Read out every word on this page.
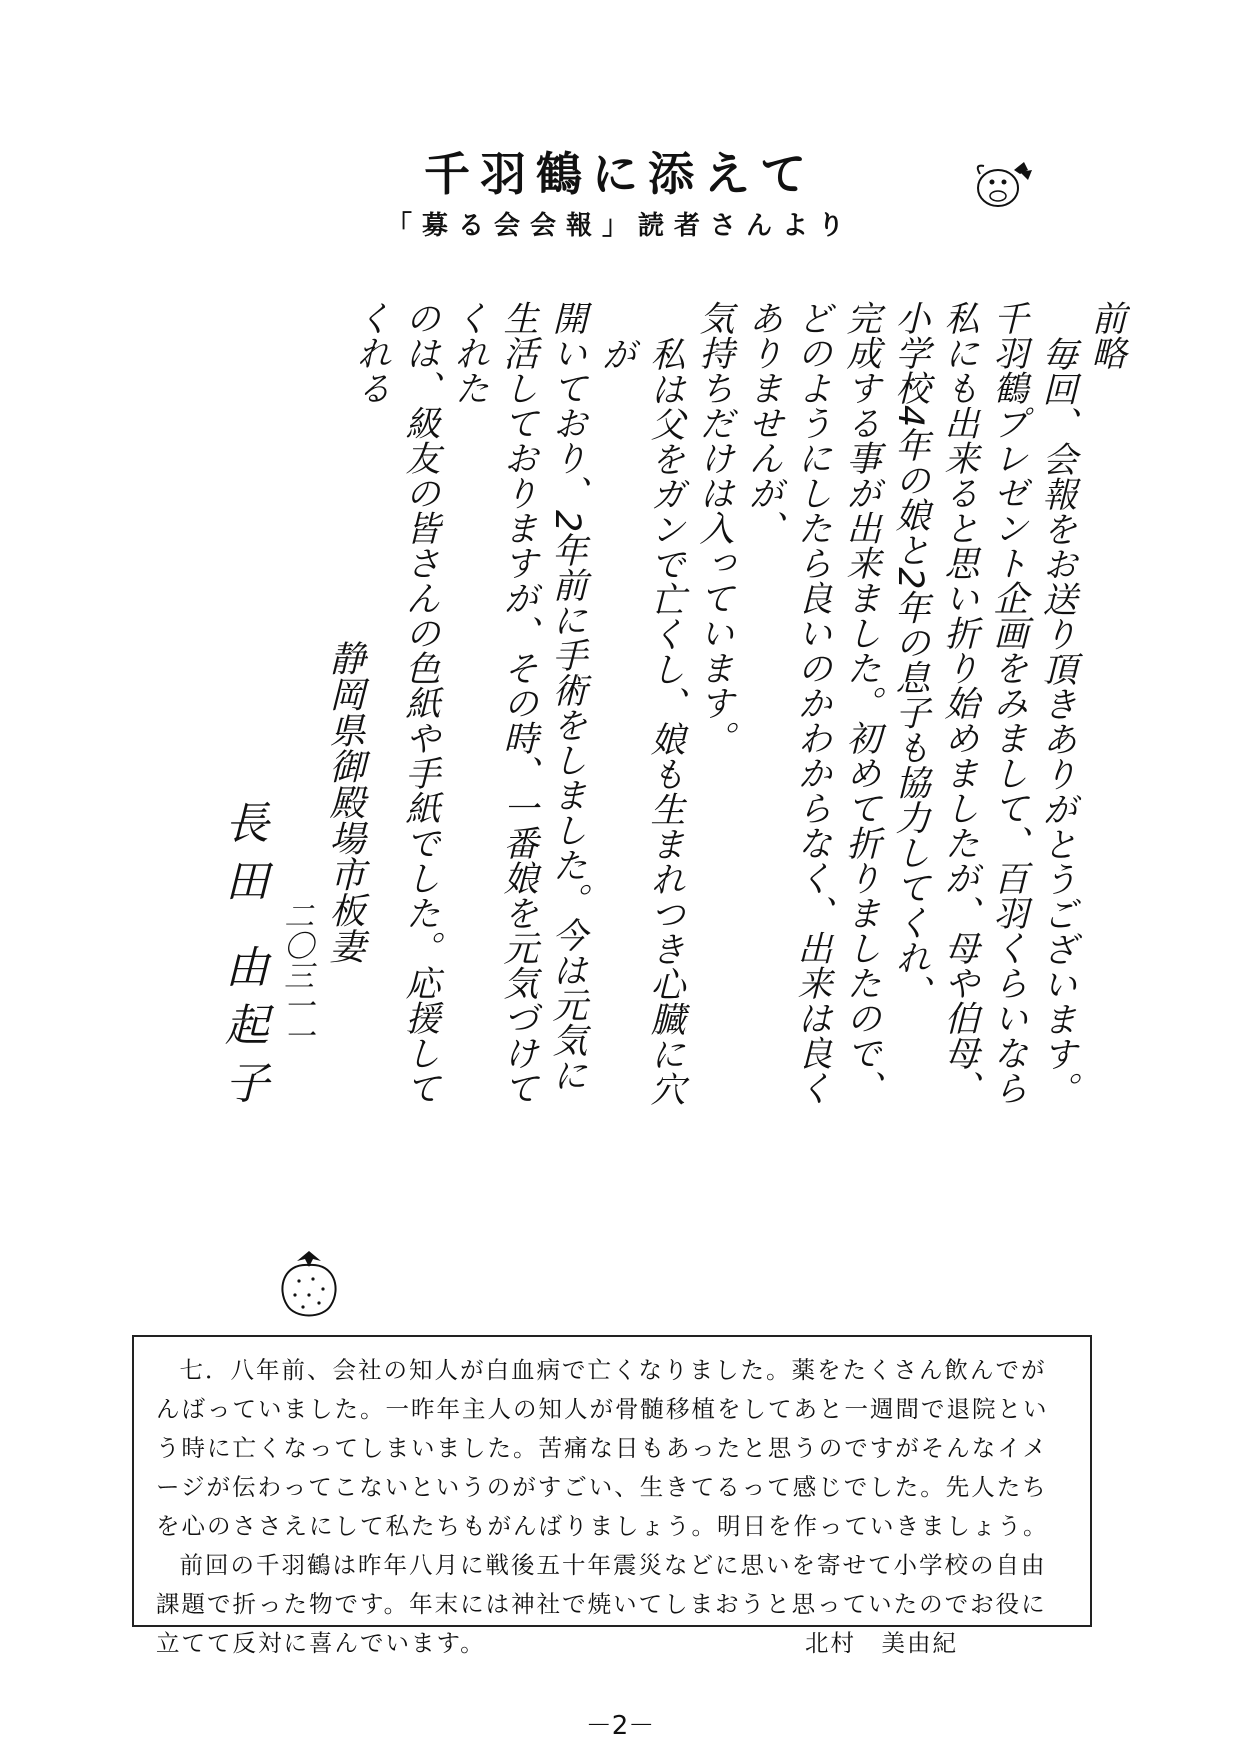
千羽鶴に添えて
「募る会会報」読者さんより
前略
毎回、会報をお送り頂きありがとうございます。
千羽鶴プレゼント企画をみまして、百羽くらいなら
私にも出来ると思い折り始めましたが、母や伯母、
小学校4年の娘と2年の息子も協力してくれ、
完成する事が出来ました。初めて折りましたので、
どのようにしたら良いのかわからなく、出来は良くありませんが、
気持ちだけは入っています。
私は父をガンで亡くし、娘も生まれつき心臓に穴が
開いており、2年前に手術をしました。今は元気に
生活しておりますが、その時、一番娘を元気づけてくれた
のは、級友の皆さんの色紙や手紙でした。応援してくれる
静岡県御殿場市板妻
二〇三一一
長田 由起子

七．八年前、会社の知人が白血病で亡くなりました。薬をたくさん飲んでがんばっていました。一昨年主人の知人が骨髄移植をしてあと一週間で退院という時に亡くなってしまいました。苦痛な日もあったと思うのですがそんなイメージが伝わってこないというのがすごい、生きてるって感じでした。先人たちを心のささえにして私たちもがんばりましょう。明日を作っていきましょう。

前回の千羽鶴は昨年八月に戦後五十年震災などに思いを寄せて小学校の自由課題で折った物です。年末には神社で焼いてしまおうと思っていたのでお役に立てて反対に喜んでいます。	北村　美由紀

－2－
